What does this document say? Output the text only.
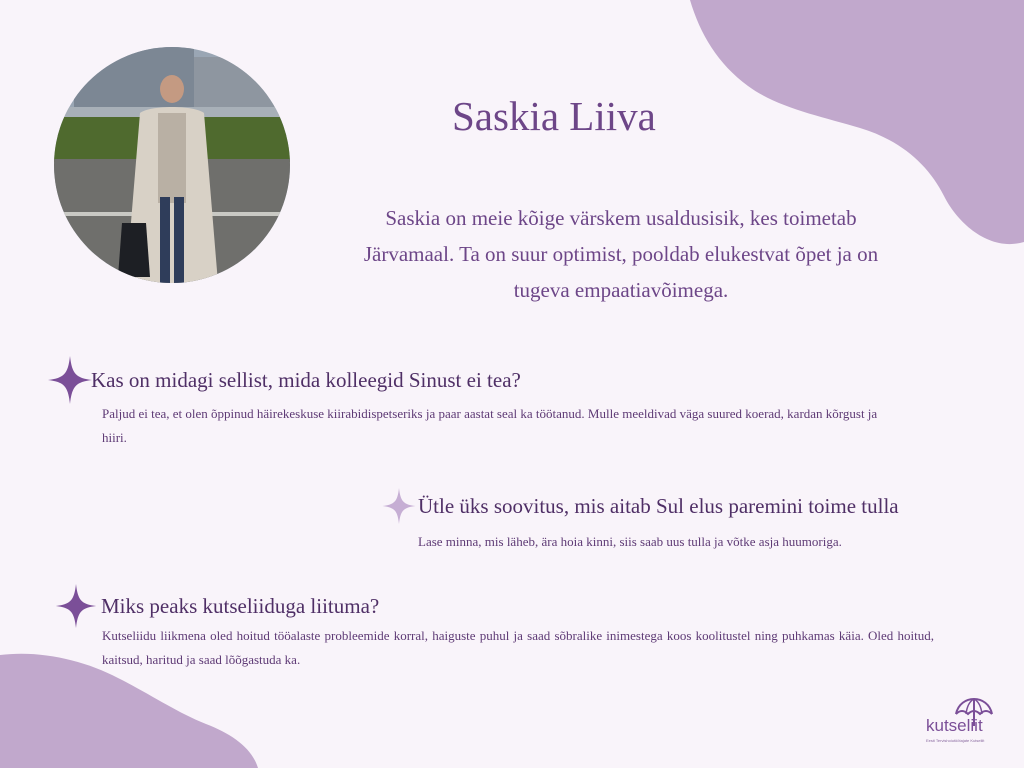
Saskia Liiva

Saskia on meie kõige värskem usaldusisik, kes toimetab Järvamaal. Ta on suur optimist, pooldab elukestvat õpet ja on tugeva empaatiavõimega.

Kas on midagi sellist, mida kolleegid Sinust ei tea?

Paljud ei tea, et olen õppinud häirekeskuse kiirabidispetseriks ja paar aastat seal ka töötanud. Mulle meeldivad väga suured koerad, kardan kõrgust ja hiiri.

Ütle üks soovitus, mis aitab Sul elus paremini toime tulla

Lase minna, mis läheb, ära hoia kinni, siis saab uus tulla ja võtke asja huumoriga.

Miks peaks kutseliiduga liituma?

Kutseliidu liikmena oled hoitud tööalaste probleemide korral, haiguste puhul ja saad sõbralike inimestega koos koolitustel ning puhkamas käia. Oled hoitud, kaitsud, haritud ja saad lõõgastuda ka.

kutseliit
Eesti Tervishoiutöötajate Kutseliit
